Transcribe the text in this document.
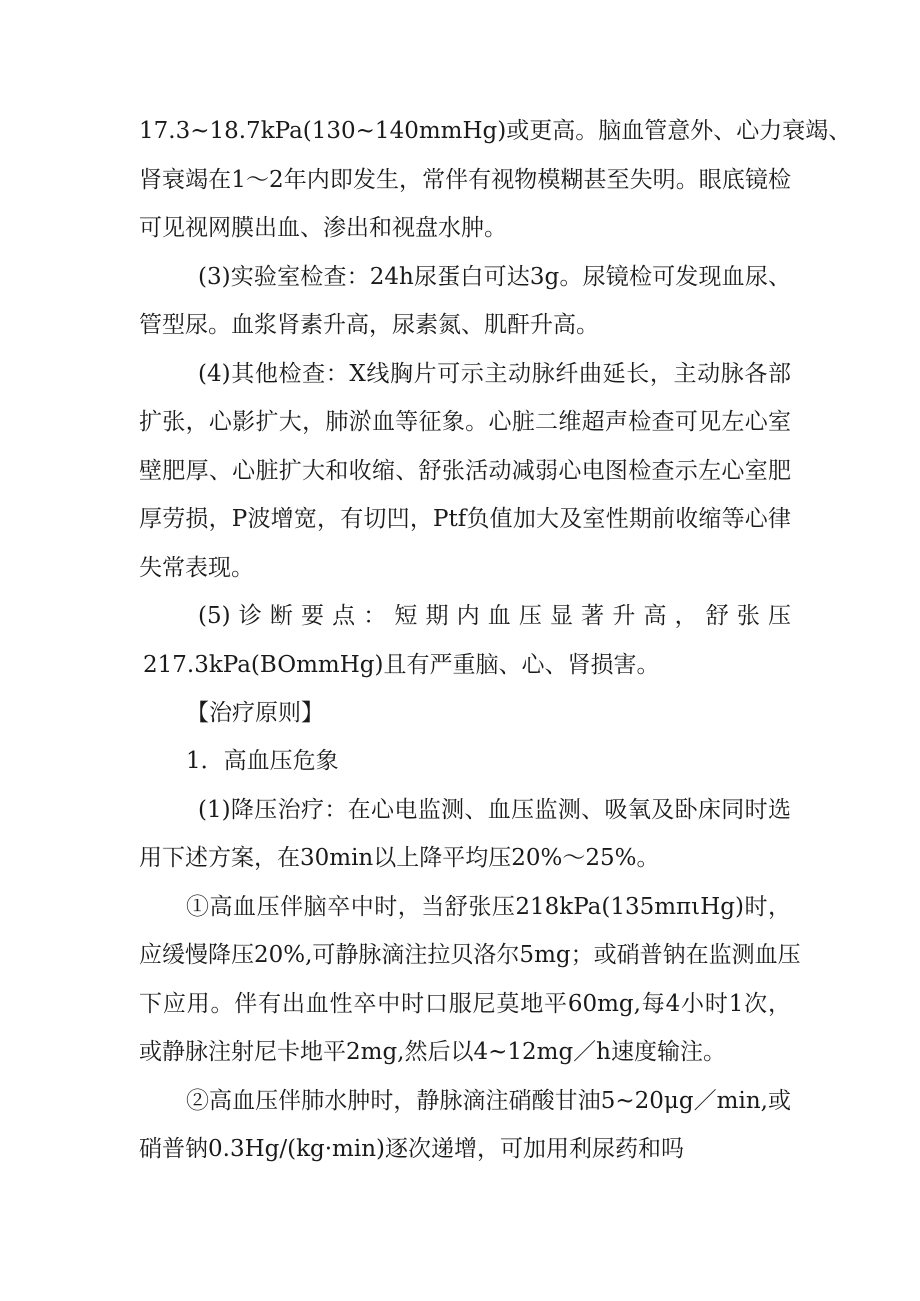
17.3~18.7kPa(130~140mmHg)或更高。脑血管意外、心力衰竭、
肾衰竭在1～2年内即发生，常伴有视物模糊甚至失明。眼底镜检
可见视网膜出血、渗出和视盘水肿。
(3)实验室检查：24h尿蛋白可达3g。尿镜检可发现血尿、
管型尿。血浆肾素升高，尿素氮、肌酐升高。
(4)其他检查：X线胸片可示主动脉纤曲延长，主动脉各部
扩张，心影扩大，肺淤血等征象。心脏二维超声检查可见左心室
壁肥厚、心脏扩大和收缩、舒张活动减弱心电图检查示左心室肥
厚劳损，P波增宽，有切凹，Ptf负值加大及室性期前收缩等心律
失常表现。
(5)诊断要点：短期内血压显著升高，舒张压
217.3kPa(BOmmHg)且有严重脑、心、肾损害。
【治疗原则】
1．高血压危象
(1)降压治疗：在心电监测、血压监测、吸氧及卧床同时选
用下述方案，在30min以上降平均压20%～25%。
①高血压伴脑卒中时，当舒张压218kPa(135mπιHg)时，
应缓慢降压20%,可静脉滴注拉贝洛尔5mg；或硝普钠在监测血压
下应用。伴有出血性卒中时口服尼莫地平60mg,每4小时1次，
或静脉注射尼卡地平2mg,然后以4~12mg／h速度输注。
②高血压伴肺水肿时，静脉滴注硝酸甘油5~20μg／min,或
硝普钠0.3Hg/(kg·min)逐次递增，可加用利尿药和吗
